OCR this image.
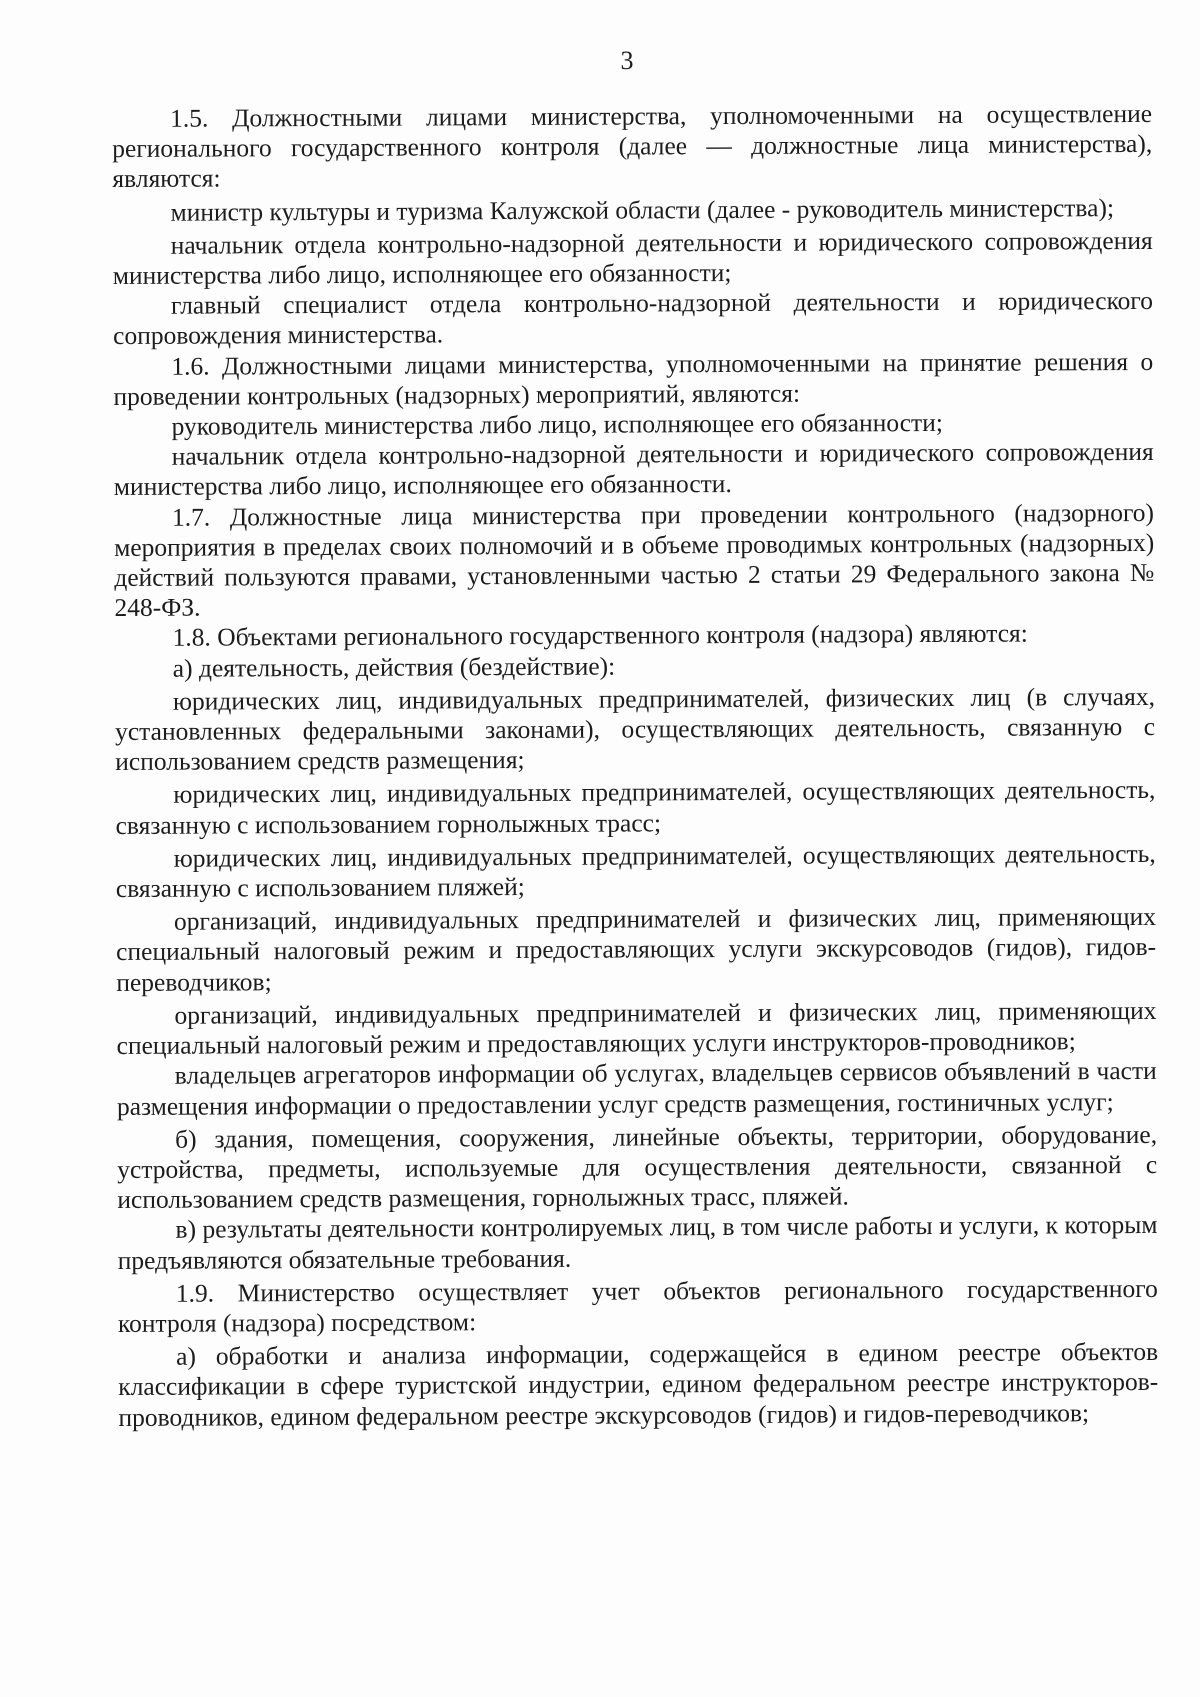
3

1.5. Должностными лицами министерства, уполномоченными на осуществление регионального государственного контроля (далее — должностные лица министерства), являются:

министр культуры и туризма Калужской области (далее - руководитель министерства);

начальник отдела контрольно-надзорной деятельности и юридического сопровождения министерства либо лицо, исполняющее его обязанности;

главный специалист отдела контрольно-надзорной деятельности и юридического сопровождения министерства.

1.6. Должностными лицами министерства, уполномоченными на принятие решения о проведении контрольных (надзорных) мероприятий, являются:

руководитель министерства либо лицо, исполняющее его обязанности;

начальник отдела контрольно-надзорной деятельности и юридического сопровождения министерства либо лицо, исполняющее его обязанности.

1.7. Должностные лица министерства при проведении контрольного (надзорного) мероприятия в пределах своих полномочий и в объеме проводимых контрольных (надзорных) действий пользуются правами, установленными частью 2 статьи 29 Федерального закона № 248-ФЗ.

1.8. Объектами регионального государственного контроля (надзора) являются:

а) деятельность, действия (бездействие):

юридических лиц, индивидуальных предпринимателей, физических лиц (в случаях, установленных федеральными законами), осуществляющих деятельность, связанную с использованием средств размещения;

юридических лиц, индивидуальных предпринимателей, осуществляющих деятельность, связанную с использованием горнолыжных трасс;

юридических лиц, индивидуальных предпринимателей, осуществляющих деятельность, связанную с использованием пляжей;

организаций, индивидуальных предпринимателей и физических лиц, применяющих специальный налоговый режим и предоставляющих услуги экскурсоводов (гидов), гидов-переводчиков;

организаций, индивидуальных предпринимателей и физических лиц, применяющих специальный налоговый режим и предоставляющих услуги инструкторов-проводников;

владельцев агрегаторов информации об услугах, владельцев сервисов объявлений в части размещения информации о предоставлении услуг средств размещения, гостиничных услуг;

б) здания, помещения, сооружения, линейные объекты, территории, оборудование, устройства, предметы, используемые для осуществления деятельности, связанной с использованием средств размещения, горнолыжных трасс, пляжей.

в) результаты деятельности контролируемых лиц, в том числе работы и услуги, к которым предъявляются обязательные требования.

1.9. Министерство осуществляет учет объектов регионального государственного контроля (надзора) посредством:

а) обработки и анализа информации, содержащейся в едином реестре объектов классификации в сфере туристской индустрии, едином федеральном реестре инструкторов-проводников, едином федеральном реестре экскурсоводов (гидов) и гидов-переводчиков;
